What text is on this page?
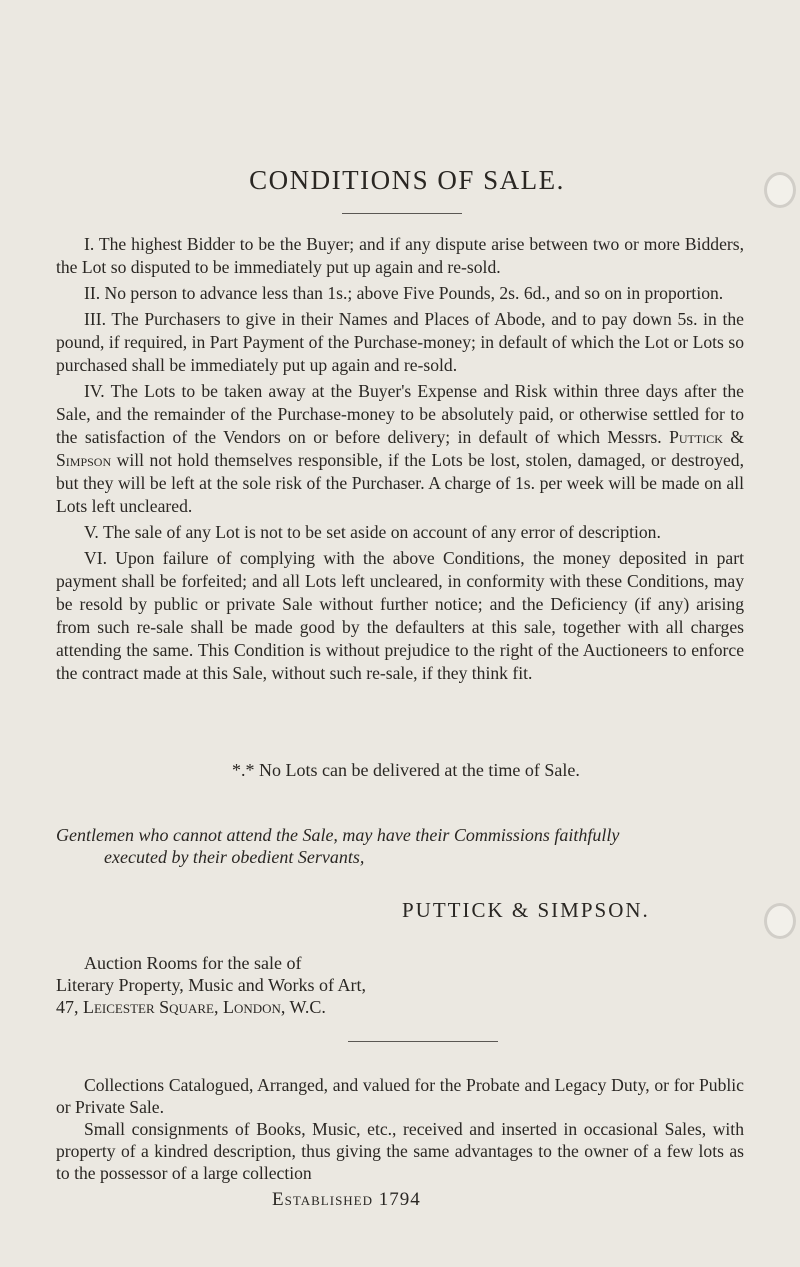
CONDITIONS OF SALE.

I. The highest Bidder to be the Buyer; and if any dispute arise between two or more Bidders, the Lot so disputed to be immediately put up again and re-sold.

II. No person to advance less than 1s.; above Five Pounds, 2s. 6d., and so on in proportion.

III. The Purchasers to give in their Names and Places of Abode, and to pay down 5s. in the pound, if required, in Part Payment of the Purchase-money; in default of which the Lot or Lots so purchased shall be immediately put up again and re-sold.

IV. The Lots to be taken away at the Buyer's Expense and Risk within three days after the Sale, and the remainder of the Purchase-money to be absolutely paid, or otherwise settled for to the satisfaction of the Vendors on or before delivery; in default of which Messrs. Puttick & Simpson will not hold themselves responsible, if the Lots be lost, stolen, damaged, or destroyed, but they will be left at the sole risk of the Purchaser. A charge of 1s. per week will be made on all Lots left uncleared.

V. The sale of any Lot is not to be set aside on account of any error of description.

VI. Upon failure of complying with the above Conditions, the money deposited in part payment shall be forfeited; and all Lots left uncleared, in conformity with these Conditions, may be resold by public or private Sale without further notice; and the Deficiency (if any) arising from such re-sale shall be made good by the defaulters at this sale, together with all charges attending the same. This Condition is without prejudice to the right of the Auctioneers to enforce the contract made at this Sale, without such re-sale, if they think fit.

*.* No Lots can be delivered at the time of Sale.
Gentlemen who cannot attend the Sale, may have their Commissions faithfully
executed by their obedient Servants,
PUTTICK & SIMPSON.
Auction Rooms for the sale of
Literary Property, Music and Works of Art,
47, Leicester Square, London, W.C.

Collections Catalogued, Arranged, and valued for the Probate and Legacy Duty, or for Public or Private Sale.

Small consignments of Books, Music, etc., received and inserted in occasional Sales, with property of a kindred description, thus giving the same advantages to the owner of a few lots as to the possessor of a large collection

Established 1794
